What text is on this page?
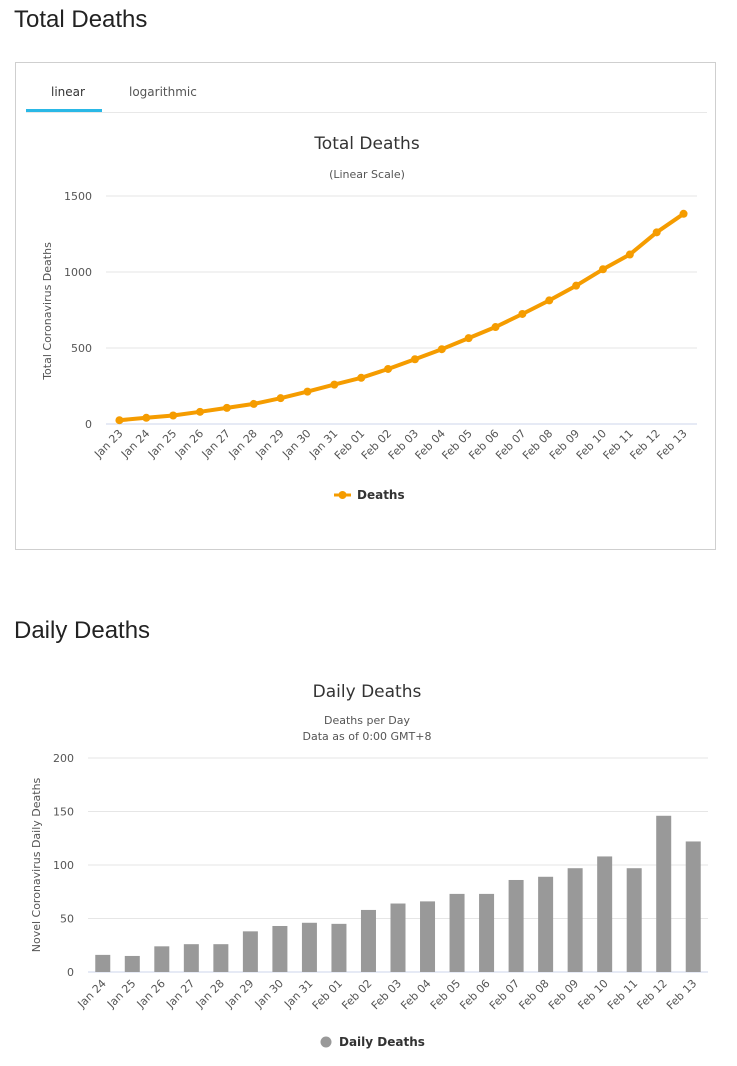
Total Deaths
linear	logarithmic
Total Deaths
(Linear Scale)
Total Coronavirus Deaths
0
500
1000
1500
Jan 23
Jan 24
Jan 25
Jan 26
Jan 27
Jan 28
Jan 29
Jan 30
Jan 31
Feb 01
Feb 02
Feb 03
Feb 04
Feb 05
Feb 06
Feb 07
Feb 08
Feb 09
Feb 10
Feb 11
Feb 12
Feb 13
Deaths
Daily Deaths
Daily Deaths
Deaths per Day
Data as of 0:00 GMT+8
Novel Coronavirus Daily Deaths
0
50
100
150
200
Jan 24
Jan 25
Jan 26
Jan 27
Jan 28
Jan 29
Jan 30
Jan 31
Feb 01
Feb 02
Feb 03
Feb 04
Feb 05
Feb 06
Feb 07
Feb 08
Feb 09
Feb 10
Feb 11
Feb 12
Feb 13
Daily Deaths
